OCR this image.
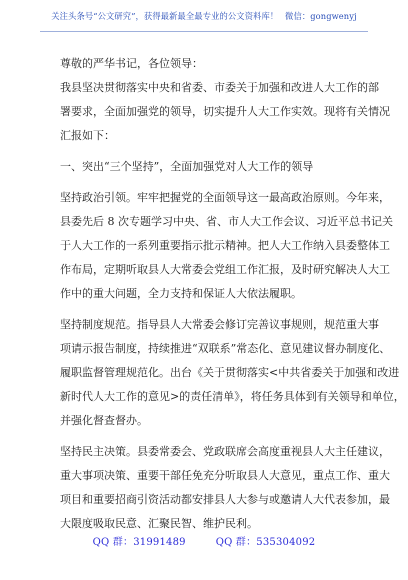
关注头条号“公文研究”，获得最新最全最专业的公文资料库！ 微信：gongwenyj
尊敬的严华书记，各位领导：
我县坚决贯彻落实中央和省委、市委关于加强和改进人大工作的部
署要求，全面加强党的领导，切实提升人大工作实效。现将有关情况
汇报如下：
一、突出“三个坚持”，全面加强党对人大工作的领导
坚持政治引领。牢牢把握党的全面领导这一最高政治原则。今年来，
县委先后 8 次专题学习中央、省、市人大工作会议、习近平总书记关
于人大工作的一系列重要指示批示精神。把人大工作纳入县委整体工
作布局，定期听取县人大常委会党组工作汇报，及时研究解决人大工
作中的重大问题，全力支持和保证人大依法履职。
坚持制度规范。指导县人大常委会修订完善议事规则，规范重大事
项请示报告制度，持续推进“双联系”常态化、意见建议督办制度化、
履职监督管理规范化。出台《关于贯彻落实<中共省委关于加强和改进
新时代人大工作的意见>的责任清单》，将任务具体到有关领导和单位，
并强化督查督办。
坚持民主决策。县委常委会、党政联席会高度重视县人大主任建议，
重大事项决策、重要干部任免充分听取县人大意见，重点工作、重大
项目和重要招商引资活动都安排县人大参与或邀请人大代表参加，最
大限度吸取民意、汇聚民智、维护民利。
QQ 群：31991489	QQ 群：535304092
